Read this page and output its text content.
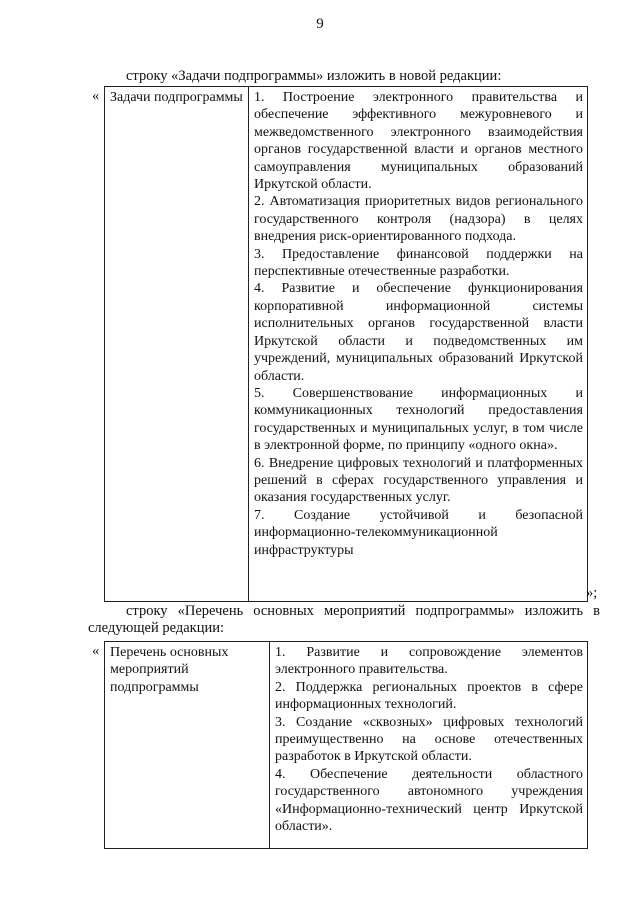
9

строку «Задачи подпрограммы» изложить в новой редакции:

« Задачи подпрограммы 1. Построение электронного правительства и обеспечение эффективного межуровневого и межведомственного электронного взаимодействия органов государственной власти и органов местного самоуправления муниципальных образований Иркутской области.

2. Автоматизация приоритетных видов регионального государственного контроля (надзора) в целях внедрения риск-ориентированного подхода.

3. Предоставление финансовой поддержки на перспективные отечественные разработки.

4. Развитие и обеспечение функционирования корпоративной информационной системы исполнительных органов государственной власти Иркутской области и подведомственных им учреждений, муниципальных образований Иркутской области.

5. Совершенствование информационных и коммуникационных технологий предоставления государственных и муниципальных услуг, в том числе в электронной форме, по принципу «одного окна».

6. Внедрение цифровых технологий и платформенных решений в сферах государственного управления и оказания государственных услуг.

7. Создание устойчивой и безопасной информационно-телекоммуникационной инфраструктуры

»;

строку «Перечень основных мероприятий подпрограммы» изложить в следующей редакции:

« Перечень основных мероприятий подпрограммы

1. Развитие и сопровождение элементов электронного правительства.

2. Поддержка региональных проектов в сфере информационных технологий.

3. Создание «сквозных» цифровых технологий преимущественно на основе отечественных разработок в Иркутской области.

4. Обеспечение деятельности областного государственного автономного учреждения «Информационно-технический центр Иркутской области».
